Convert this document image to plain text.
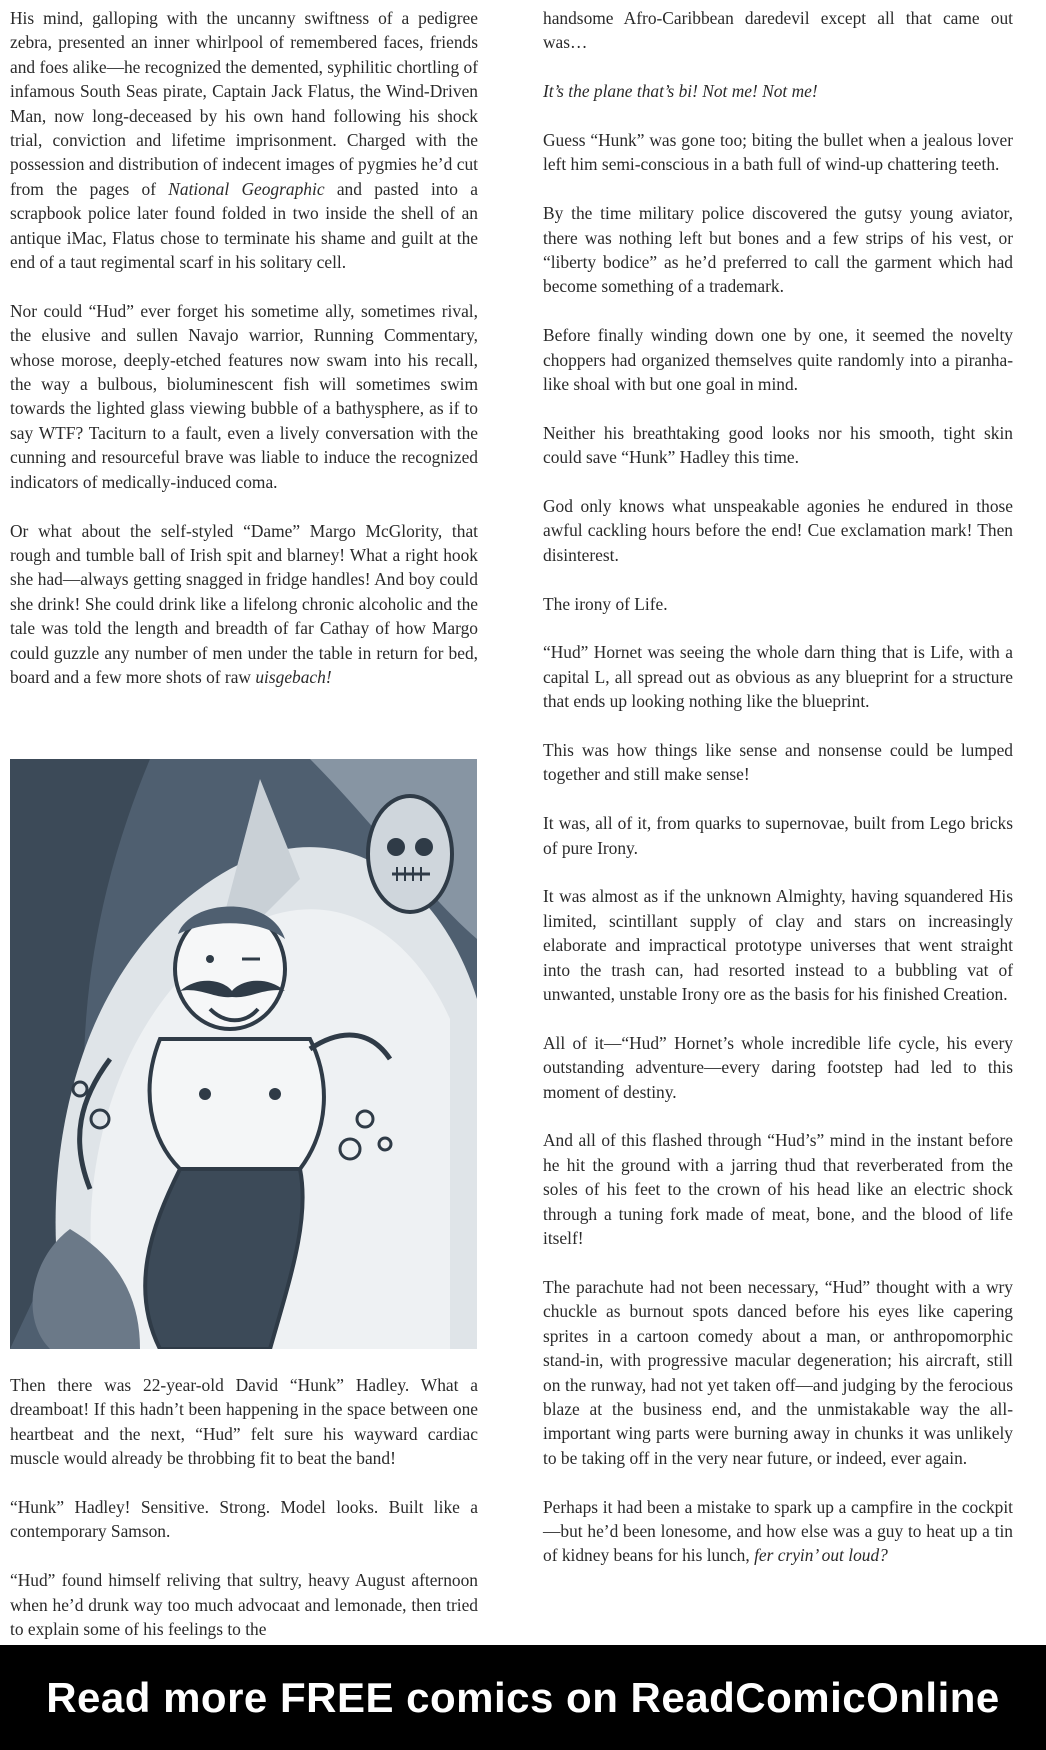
His mind, galloping with the uncanny swiftness of a pedigree zebra, presented an inner whirlpool of remembered faces, friends and foes alike—he recognized the demented, syphilitic chortling of infamous South Seas pirate, Captain Jack Flatus, the Wind-Driven Man, now long-deceased by his own hand following his shock trial, conviction and lifetime imprisonment. Charged with the possession and distribution of indecent images of pygmies he’d cut from the pages of National Geographic and pasted into a scrapbook police later found folded in two inside the shell of an antique iMac, Flatus chose to terminate his shame and guilt at the end of a taut regimental scarf in his solitary cell.

Nor could “Hud” ever forget his sometime ally, sometimes rival, the elusive and sullen Navajo warrior, Running Commentary, whose morose, deeply-etched features now swam into his recall, the way a bulbous, bioluminescent fish will sometimes swim towards the lighted glass viewing bubble of a bathysphere, as if to say WTF? Taciturn to a fault, even a lively conversation with the cunning and resourceful brave was liable to induce the recognized indicators of medically-induced coma.

Or what about the self-styled “Dame” Margo McGlority, that rough and tumble ball of Irish spit and blarney! What a right hook she had—always getting snagged in fridge handles! And boy could she drink! She could drink like a lifelong chronic alcoholic and the tale was told the length and breadth of far Cathay of how Margo could guzzle any number of men under the table in return for bed, board and a few more shots of raw uisgebach!

Then there was 22-year-old David “Hunk” Hadley. What a dreamboat! If this hadn’t been happening in the space between one heartbeat and the next, “Hud” felt sure his wayward cardiac muscle would already be throbbing fit to beat the band!

“Hunk” Hadley! Sensitive. Strong. Model looks. Built like a contemporary Samson.

“Hud” found himself reliving that sultry, heavy August afternoon when he’d drunk way too much advocaat and lemonade, then tried to explain some of his feelings to the

handsome Afro-Caribbean daredevil except all that came out was…

It’s the plane that’s bi! Not me! Not me!

Guess “Hunk” was gone too; biting the bullet when a jealous lover left him semi-conscious in a bath full of wind-up chattering teeth.

By the time military police discovered the gutsy young aviator, there was nothing left but bones and a few strips of his vest, or “liberty bodice” as he’d preferred to call the garment which had become something of a trademark.

Before finally winding down one by one, it seemed the novelty choppers had organized themselves quite randomly into a piranha-like shoal with but one goal in mind.

Neither his breathtaking good looks nor his smooth, tight skin could save “Hunk” Hadley this time.

God only knows what unspeakable agonies he endured in those awful cackling hours before the end! Cue exclamation mark! Then disinterest.

The irony of Life.

“Hud” Hornet was seeing the whole darn thing that is Life, with a capital L, all spread out as obvious as any blueprint for a structure that ends up looking nothing like the blueprint.

This was how things like sense and nonsense could be lumped together and still make sense!

It was, all of it, from quarks to supernovae, built from Lego bricks of pure Irony.

It was almost as if the unknown Almighty, having squandered His limited, scintillant supply of clay and stars on increasingly elaborate and impractical prototype universes that went straight into the trash can, had resorted instead to a bubbling vat of unwanted, unstable Irony ore as the basis for his finished Creation.

All of it—“Hud” Hornet’s whole incredible life cycle, his every outstanding adventure—every daring footstep had led to this moment of destiny.

And all of this flashed through “Hud’s” mind in the instant before he hit the ground with a jarring thud that reverberated from the soles of his feet to the crown of his head like an electric shock through a tuning fork made of meat, bone, and the blood of life itself!

The parachute had not been necessary, “Hud” thought with a wry chuckle as burnout spots danced before his eyes like capering sprites in a cartoon comedy about a man, or anthropomorphic stand-in, with progressive macular degeneration; his aircraft, still on the runway, had not yet taken off—and judging by the ferocious blaze at the business end, and the unmistakable way the all-important wing parts were burning away in chunks it was unlikely to be taking off in the very near future, or indeed, ever again.

Perhaps it had been a mistake to spark up a campfire in the cockpit—but he’d been lonesome, and how else was a guy to heat up a tin of kidney beans for his lunch, fer cryin’ out loud?

Read more FREE comics on ReadComicOnline
